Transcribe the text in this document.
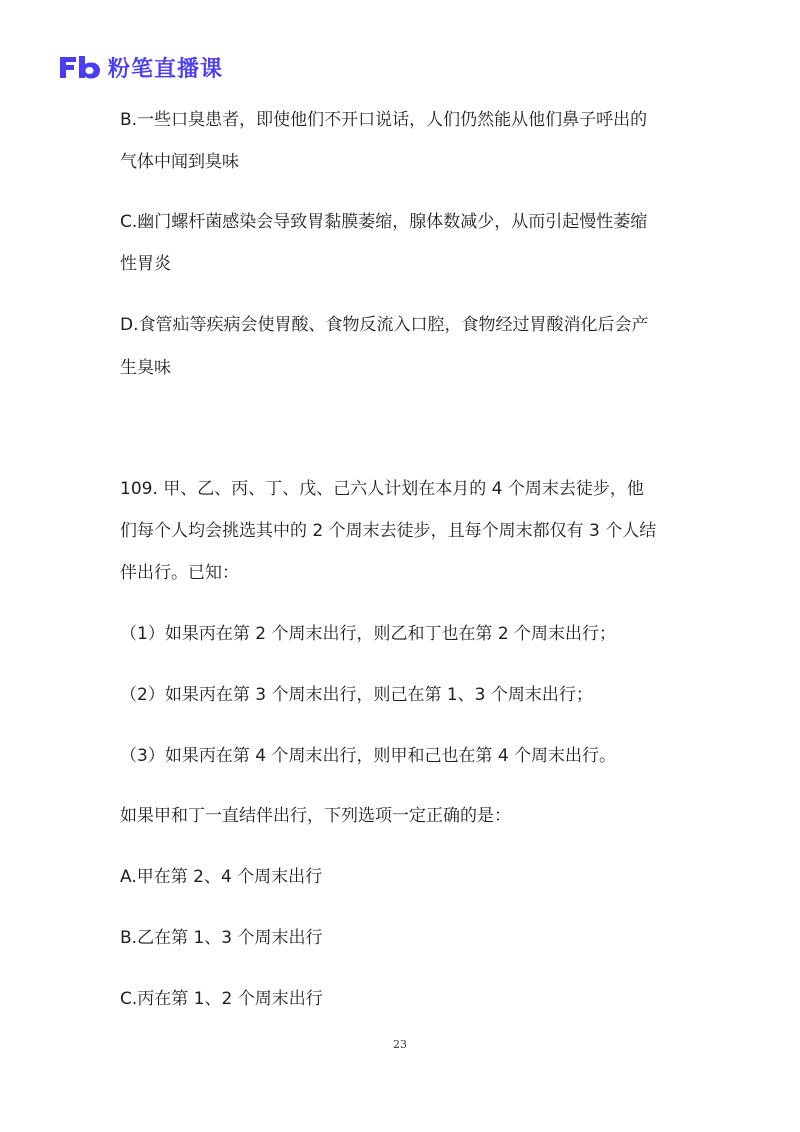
粉笔直播课
B.一些口臭患者，即使他们不开口说话，人们仍然能从他们鼻子呼出的
气体中闻到臭味
C.幽门螺杆菌感染会导致胃黏膜萎缩，腺体数减少，从而引起慢性萎缩
性胃炎
D.食管疝等疾病会使胃酸、食物反流入口腔，食物经过胃酸消化后会产
生臭味
109. 甲、乙、丙、丁、戊、己六人计划在本月的 4 个周末去徒步，他
们每个人均会挑选其中的 2 个周末去徒步，且每个周末都仅有 3 个人结
伴出行。已知：
（1）如果丙在第 2 个周末出行，则乙和丁也在第 2 个周末出行；
（2）如果丙在第 3 个周末出行，则己在第 1、3 个周末出行；
（3）如果丙在第 4 个周末出行，则甲和己也在第 4 个周末出行。
如果甲和丁一直结伴出行，下列选项一定正确的是：
A.甲在第 2、4 个周末出行
B.乙在第 1、3 个周末出行
C.丙在第 1、2 个周末出行
23
